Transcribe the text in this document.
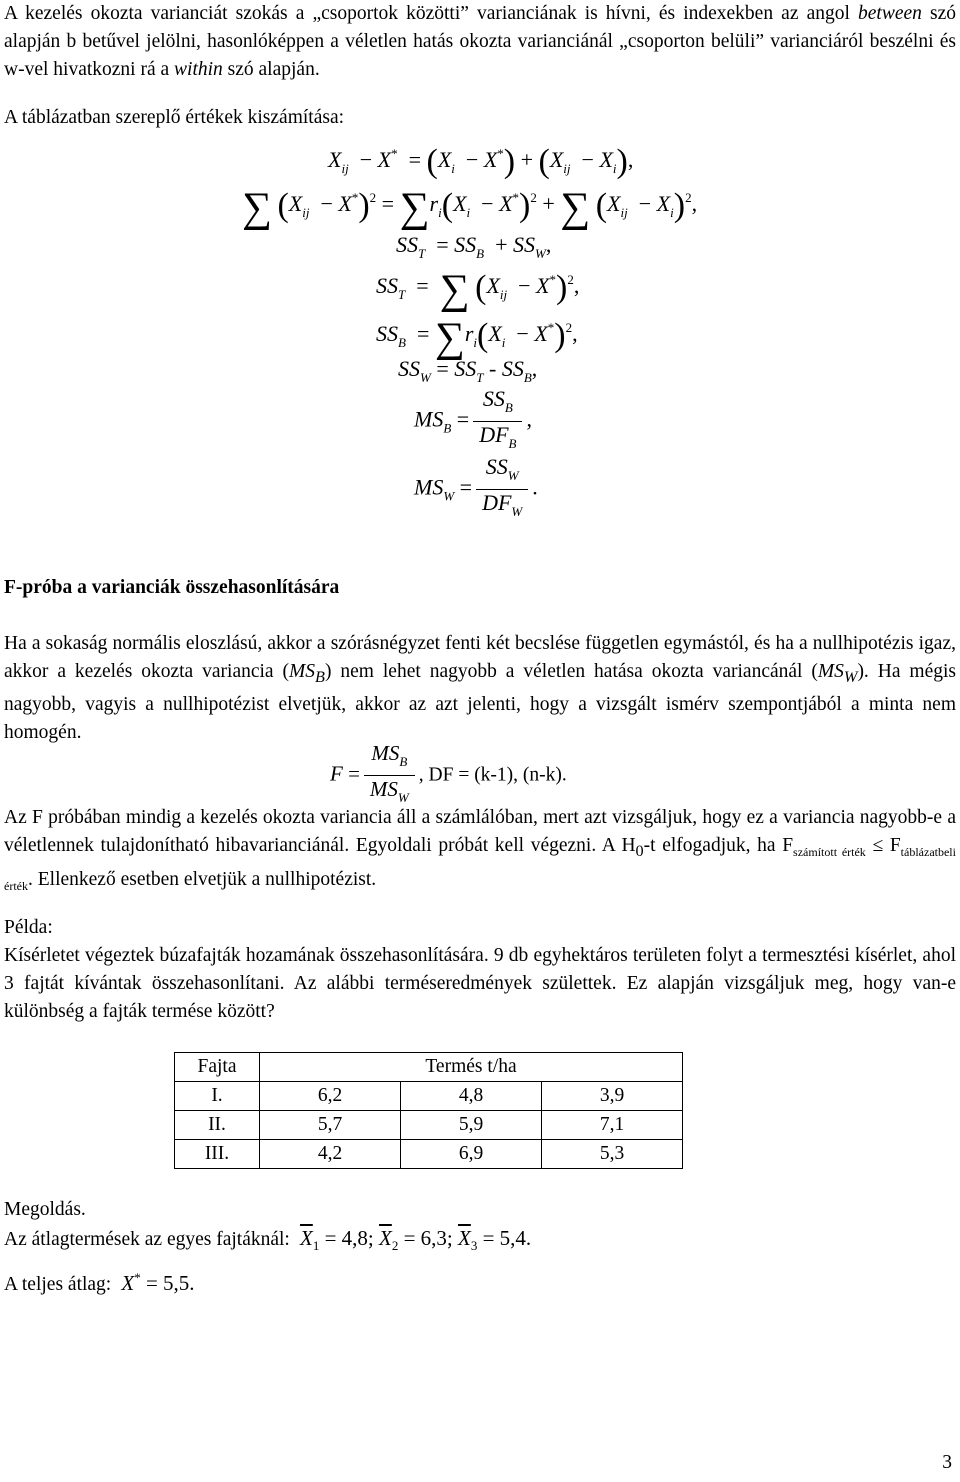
A kezelés okozta varianciát szokás a „csoportok közötti” varianciának is hívni, és indexekben az angol between szó alapján b betűvel jelölni, hasonlóképpen a véletlen hatás okozta varianciánál „csoporton belüli” varianciáról beszélni és w-vel hivatkozni rá a within szó alapján.

A táblázatban szereplő értékek kiszámítása:
$X_{ij} - X^* = (X_i - X^*) + (X_{ij} - X_i)$,
∑ $(X_{ij} - X^*)^2 = \sum r_i(X_i - X^*)^2$ + ∑ $(X_{ij} - X_i)^2$,
$SS_T = SS_B + SS_W$,
$SS_T$  =  ∑ $(X_{ij} - X^*)^2$,
$SS_B = \sum r_i(X_i - X^*)^2$,
$SS_W = SS_T - SS_B$,
$MS_B = \frac{SS_B}{DF_B}$ ,
$MS_W = \frac{SS_W}{DF_W}$ .
F-próba a varianciák összehasonlítására

Ha a sokaság normális eloszlású, akkor a szórásnégyzet fenti két becslése független egymástól, és ha a nullhipotézis igaz, akkor a kezelés okozta variancia $(MS_B)$ nem lehet nagyobb a véletlen hatása okozta variancánál $(MS_W)$. Ha mégis nagyobb, vagyis a nullhipotézist elvetjük, akkor az azt jelenti, hogy a vizsgált ismérv szempontjából a minta nem homogén.

$F = \frac{MS_B}{MS_W}$ , DF = (k-1), (n-k).

Az F próbában mindig a kezelés okozta variancia áll a számlálóban, mert azt vizsgáljuk, hogy ez a variancia nagyobb-e a véletlennek tulajdonítható hibavarianciánál. Egyoldali próbát kell végezni. A $H_0-t$ elfogadjuk, ha $F_{számított érték} \le F_{táblázatbeli érték}$. Ellenkező esetben elvetjük a nullhipotézist.

Példa:

Kísérletet végeztek búzafajták hozamának összehasonlítására. 9 db egyhektáros területen folyt a termesztési kísérlet, ahol 3 fajtát kívántak összehasonlítani. Az alábbi terméseredmények születtek. Ez alapján vizsgáljuk meg, hogy van-e különbség a fajták termése között?

Fajta	Termés t/ha		
I.	6,2	4,8	3,9
II.	5,7	5,9	7,1
III.	4,2	6,9	5,3
Megoldás.
Az átlagtermések az egyes fajtáknál: $\overline{X}_1 = 4,8$; $\overline{X}_2 = 6,3$; $\overline{X}_3 = 5,4$.
A teljes átlag: X* = 5,5.
3
